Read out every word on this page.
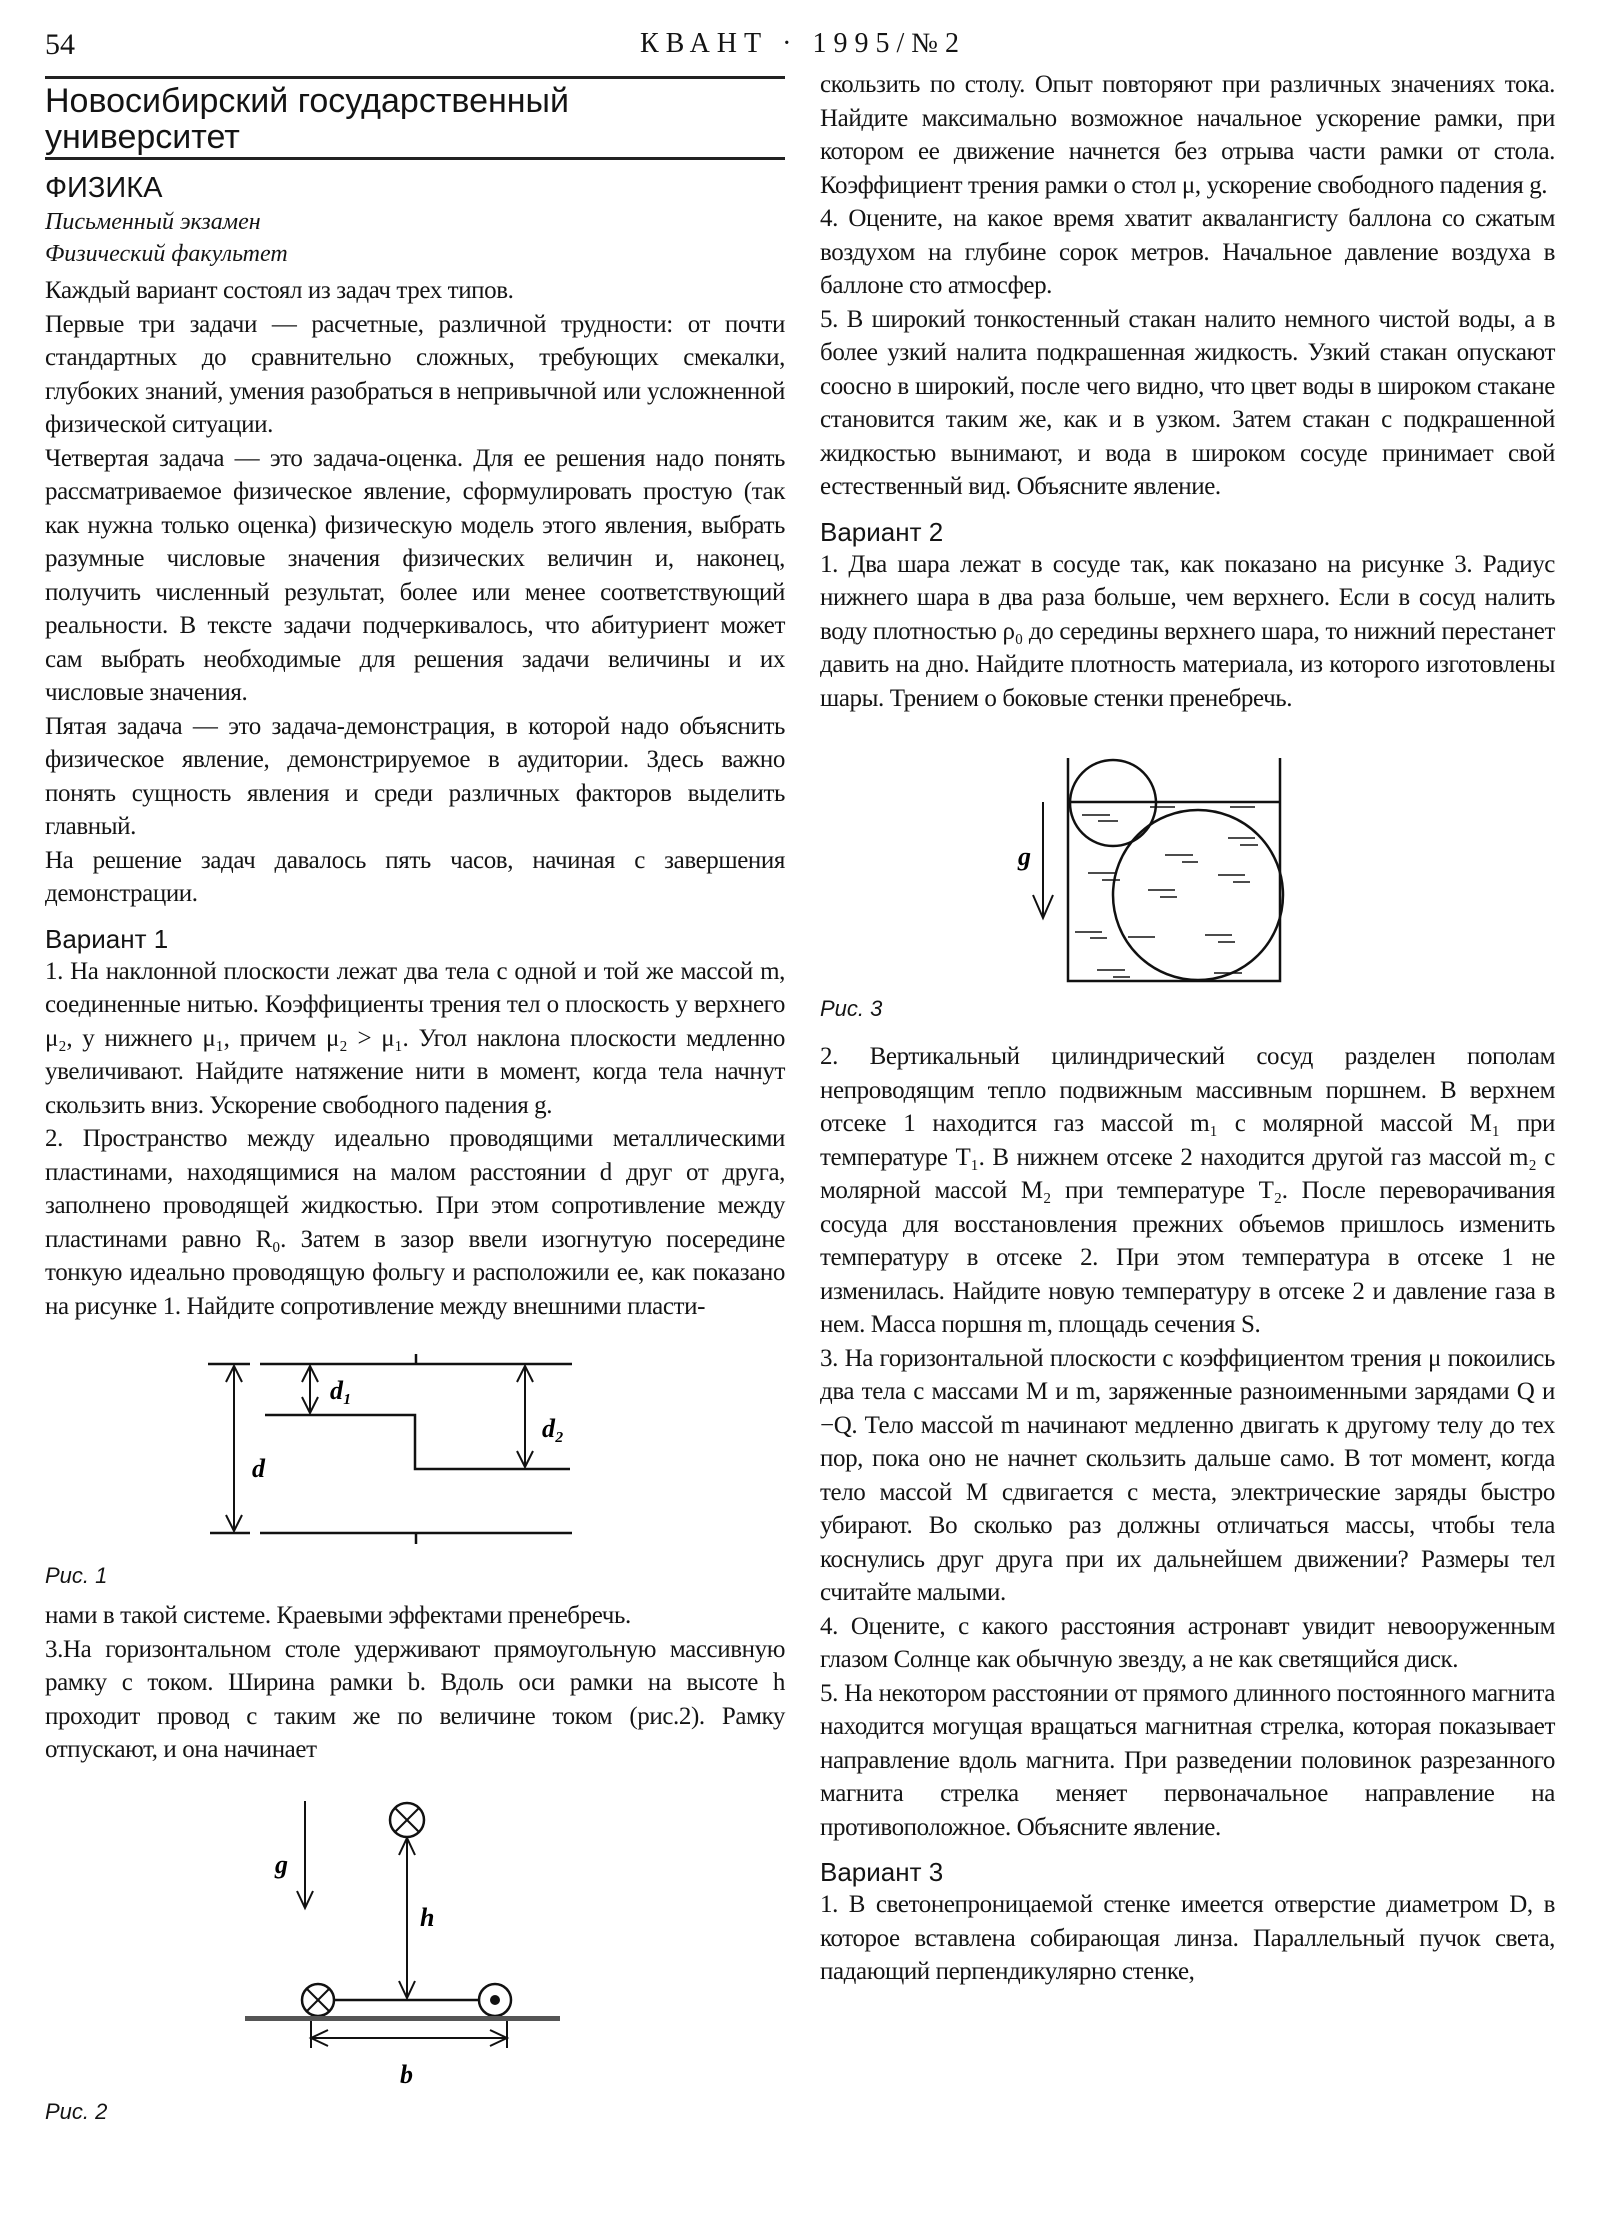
54	КВАНТ · 1995/№2
Новосибирский государственный
университет
ФИЗИКА
Письменный экзамен
Физический факультет

Каждый вариант состоял из задач трех типов.

Первые три задачи — расчетные, различной трудности: от почти стандартных до сравнительно сложных, требующих смекалки, глубоких знаний, умения разобраться в непривычной или усложненной физической ситуации.

Четвертая задача — это задача-оценка. Для ее решения надо понять рассматриваемое физическое явление, сформулировать простую (так как нужна только оценка) физическую модель этого явления, выбрать разумные числовые значения физических величин и, наконец, получить численный результат, более или менее соответствующий реальности. В тексте задачи подчеркивалось, что абитуриент может сам выбрать необходимые для решения задачи величины и их числовые значения.

Пятая задача — это задача-демонстрация, в которой надо объяснить физическое явление, демонстрируемое в аудитории. Здесь важно понять сущность явления и среди различных факторов выделить главный.

На решение задач давалось пять часов, начиная с завершения демонстрации.

Вариант 1

1. На наклонной плоскости лежат два тела с одной и той же массой m, соединенные нитью. Коэффициенты трения тел о плоскость у верхнего μ₂, у нижнего μ₁, причем μ₂ > μ₁. Угол наклона плоскости медленно увеличивают. Найдите натяжение нити в момент, когда тела начнут скользить вниз. Ускорение свободного падения g.

2. Пространство между идеально проводящими металлическими пластинами, находящимися на малом расстоянии d друг от друга, заполнено проводящей жидкостью. При этом сопротивление между пластинами равно R₀. Затем в зазор ввели изогнутую посередине тонкую идеально проводящую фольгу и расположили ее, как показано на рисунке 1. Найдите сопротивление между внешними пласти-

d
d₁
d₂
Рис. 1

нами в такой системе. Краевыми эффектами пренебречь.

3.На горизонтальном столе удерживают прямоугольную массивную рамку с током. Ширина рамки b. Вдоль оси рамки на высоте h проходит провод с таким же по величине током (рис.2). Рамку отпускают, и она начинает

g
h
b
Рис. 2

скользить по столу. Опыт повторяют при различных значениях тока. Найдите максимально возможное начальное ускорение рамки, при котором ее движение начнется без отрыва части рамки от стола. Коэффициент трения рамки о стол μ, ускорение свободного падения g.

4. Оцените, на какое время хватит аквалангисту баллона со сжатым воздухом на глубине сорок метров. Начальное давление воздуха в баллоне сто атмосфер.

5. В широкий тонкостенный стакан налито немного чистой воды, а в более узкий налита подкрашенная жидкость. Узкий стакан опускают соосно в широкий, после чего видно, что цвет воды в широком стакане становится таким же, как и в узком. Затем стакан с подкрашенной жидкостью вынимают, и вода в широком сосуде принимает свой естественный вид. Объясните явление.

Вариант 2

1. Два шара лежат в сосуде так, как показано на рисунке 3. Радиус нижнего шара в два раза больше, чем верхнего. Если в сосуд налить воду плотностью ρ₀ до середины верхнего шара, то нижний перестанет давить на дно. Найдите плотность материала, из которого изготовлены шары. Трением о боковые стенки пренебречь.

g
Рис. 3

2. Вертикальный цилиндрический сосуд разделен пополам непроводящим тепло подвижным массивным поршнем. В верхнем отсеке 1 находится газ массой m₁ с молярной массой M₁ при температуре T₁. В нижнем отсеке 2 находится другой газ массой m₂ с молярной массой M₂ при температуре T₂. После переворачивания сосуда для восстановления прежних объемов пришлось изменить температуру в отсеке 2. При этом температура в отсеке 1 не изменилась. Найдите новую температуру в отсеке 2 и давление газа в нем. Масса поршня m, площадь сечения S.

3. На горизонтальной плоскости с коэффициентом трения μ покоились два тела с массами M и m, заряженные разноименными зарядами Q и −Q. Тело массой m начинают медленно двигать к другому телу до тех пор, пока оно не начнет скользить дальше само. В тот момент, когда тело массой M сдвигается с места, электрические заряды быстро убирают. Во сколько раз должны отличаться массы, чтобы тела коснулись друг друга при их дальнейшем движении? Размеры тел считайте малыми.

4. Оцените, с какого расстояния астронавт увидит невооруженным глазом Солнце как обычную звезду, а не как светящийся диск.

5. На некотором расстоянии от прямого длинного постоянного магнита находится могущая вращаться магнитная стрелка, которая показывает направление вдоль магнита. При разведении половинок разрезанного магнита стрелка меняет первоначальное направление на противоположное. Объясните явление.

Вариант 3

1. В светонепроницаемой стенке имеется отверстие диаметром D, в которое вставлена собирающая линза. Параллельный пучок света, падающий перпендикулярно стенке,
